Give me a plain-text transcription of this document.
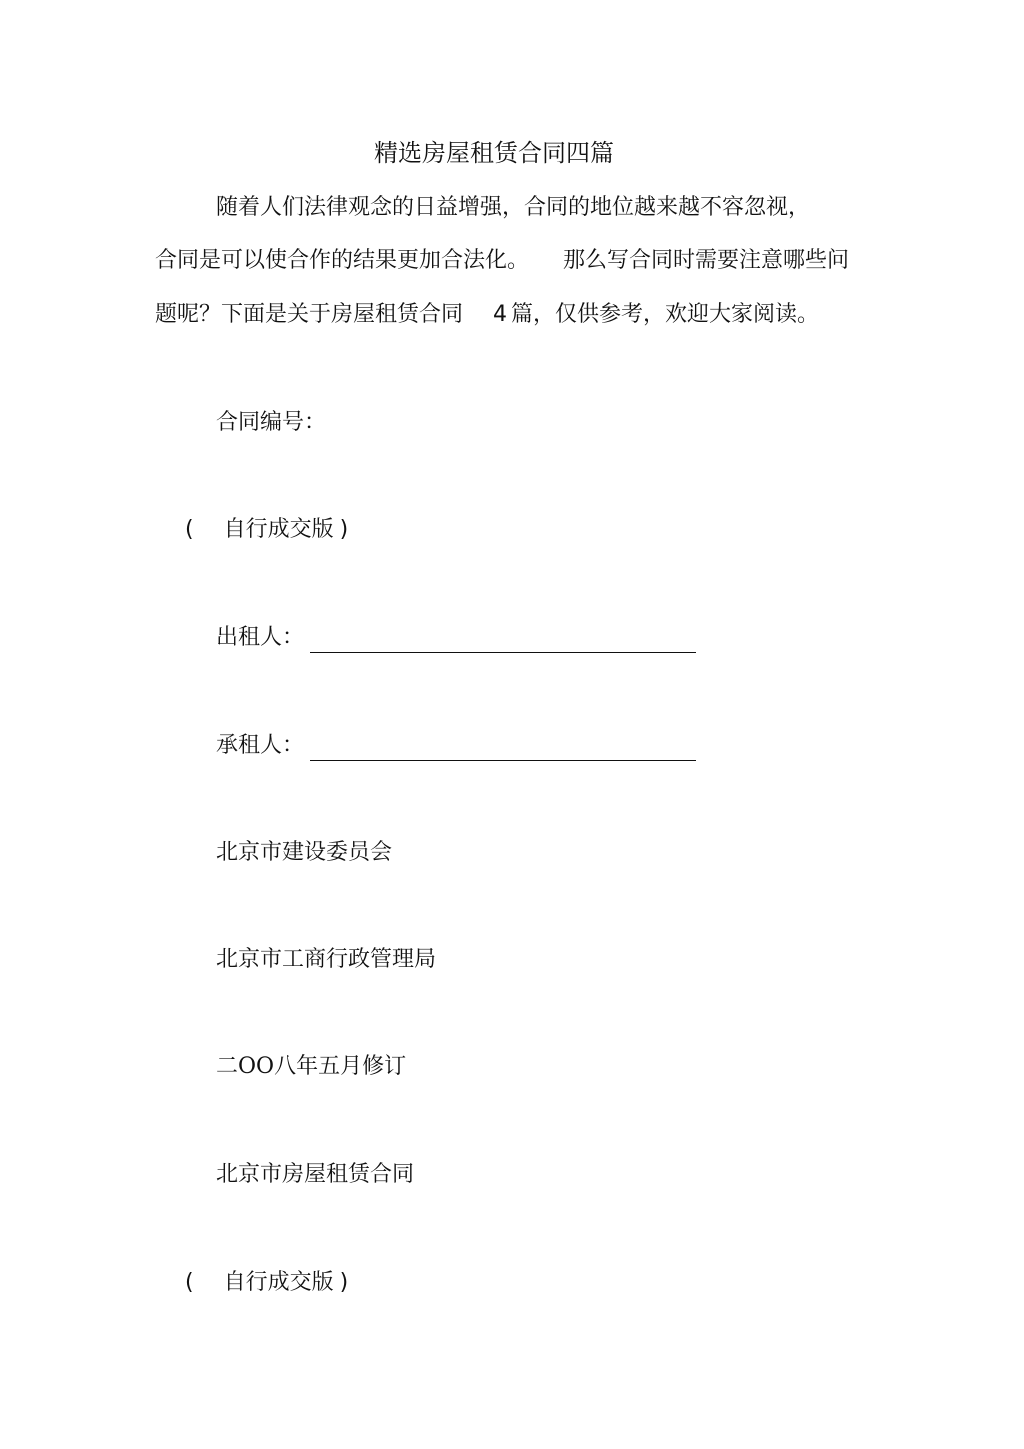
精选房屋租赁合同四篇

随着人们法律观念的日益增强，合同的地位越来越不容忽视，

合同是可以使合作的结果更加合法化。 那么写合同时需要注意哪些问

题呢？下面是关于房屋租赁合同 4 篇，仅供参考，欢迎大家阅读。

合同编号：

( 自行成交版 )

出租人：

承租人：

北京市建设委员会

北京市工商行政管理局

二OO八年五月修订

北京市房屋租赁合同

( 自行成交版 )
